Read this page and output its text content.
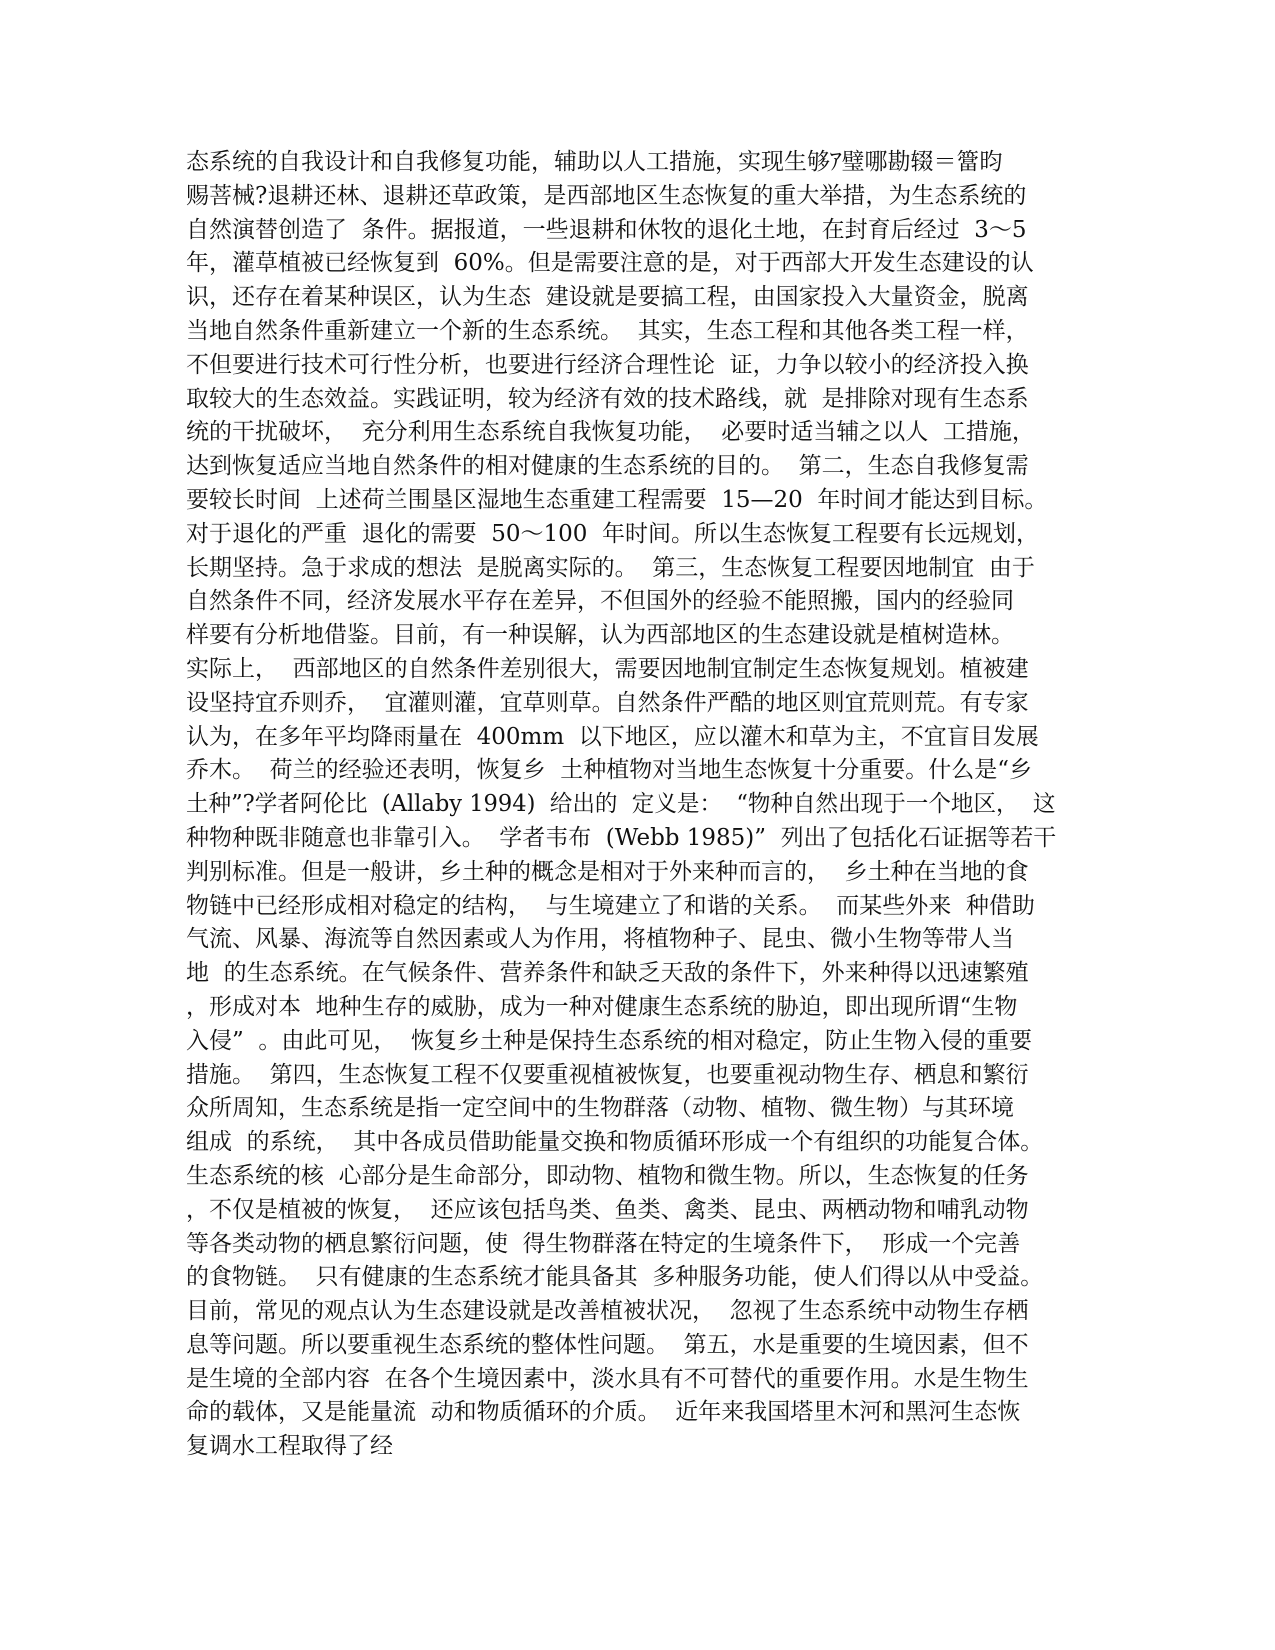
态系统的自我设计和自我修复功能，辅助以人工措施，实现生够ｱ璧哪勘辍＝簹昀
赐菩械?退耕还林、退耕还草政策，是西部地区生态恢复的重大举措，为生态系统的
自然演替创造了  条件。据报道，一些退耕和休牧的退化土地，在封育后经过  3～5
年，灌草植被已经恢复到  60%。但是需要注意的是，对于西部大开发生态建设的认
识，还存在着某种误区，认为生态  建设就是要搞工程，由国家投入大量资金，脱离
当地自然条件重新建立一个新的生态系统。  其实，生态工程和其他各类工程一样，
不但要进行技术可行性分析，也要进行经济合理性论  证，力争以较小的经济投入换
取较大的生态效益。实践证明，较为经济有效的技术路线，就  是排除对现有生态系
统的干扰破坏，  充分利用生态系统自我恢复功能，  必要时适当辅之以人  工措施，
达到恢复适应当地自然条件的相对健康的生态系统的目的。  第二，生态自我修复需
要较长时间  上述荷兰围垦区湿地生态重建工程需要  15—20  年时间才能达到目标。
对于退化的严重  退化的需要  50～100  年时间。所以生态恢复工程要有长远规划，
长期坚持。急于求成的想法  是脱离实际的。  第三，生态恢复工程要因地制宜  由于
自然条件不同，经济发展水平存在差异，不但国外的经验不能照搬，国内的经验同
样要有分析地借鉴。目前，有一种误解，认为西部地区的生态建设就是植树造林。
实际上，  西部地区的自然条件差别很大，需要因地制宜制定生态恢复规划。植被建
设坚持宜乔则乔，  宜灌则灌，宜草则草。自然条件严酷的地区则宜荒则荒。有专家
认为，在多年平均降雨量在  400mm  以下地区，应以灌木和草为主，不宜盲目发展
乔木。  荷兰的经验还表明，恢复乡  土种植物对当地生态恢复十分重要。什么是“乡
土种”?学者阿伦比  (Allaby 1994)  给出的  定义是：  “物种自然出现于一个地区，  这
种物种既非随意也非靠引入。  学者韦布  (Webb 1985)”  列出了包括化石证据等若干
判别标准。但是一般讲，乡土种的概念是相对于外来种而言的，  乡土种在当地的食
物链中已经形成相对稳定的结构，  与生境建立了和谐的关系。  而某些外来  种借助
气流、风暴、海流等自然因素或人为作用，将植物种子、昆虫、微小生物等带人当
地  的生态系统。在气候条件、营养条件和缺乏天敌的条件下，外来种得以迅速繁殖
，形成对本  地种生存的威胁，成为一种对健康生态系统的胁迫，即出现所谓“生物
入侵”  。由此可见，  恢复乡土种是保持生态系统的相对稳定，防止生物入侵的重要
措施。  第四，生态恢复工程不仅要重视植被恢复，也要重视动物生存、栖息和繁衍
众所周知，生态系统是指一定空间中的生物群落（动物、植物、微生物）与其环境
组成  的系统，  其中各成员借助能量交换和物质循环形成一个有组织的功能复合体。
生态系统的核  心部分是生命部分，即动物、植物和微生物。所以，生态恢复的任务
，不仅是植被的恢复，  还应该包括鸟类、鱼类、禽类、昆虫、两栖动物和哺乳动物
等各类动物的栖息繁衍问题，使  得生物群落在特定的生境条件下，  形成一个完善
的食物链。  只有健康的生态系统才能具备其  多种服务功能，使人们得以从中受益。
目前，常见的观点认为生态建设就是改善植被状况，  忽视了生态系统中动物生存栖
息等问题。所以要重视生态系统的整体性问题。  第五，水是重要的生境因素，但不
是生境的全部内容  在各个生境因素中，淡水具有不可替代的重要作用。水是生物生
命的载体，又是能量流  动和物质循环的介质。  近年来我国塔里木河和黑河生态恢
复调水工程取得了经
